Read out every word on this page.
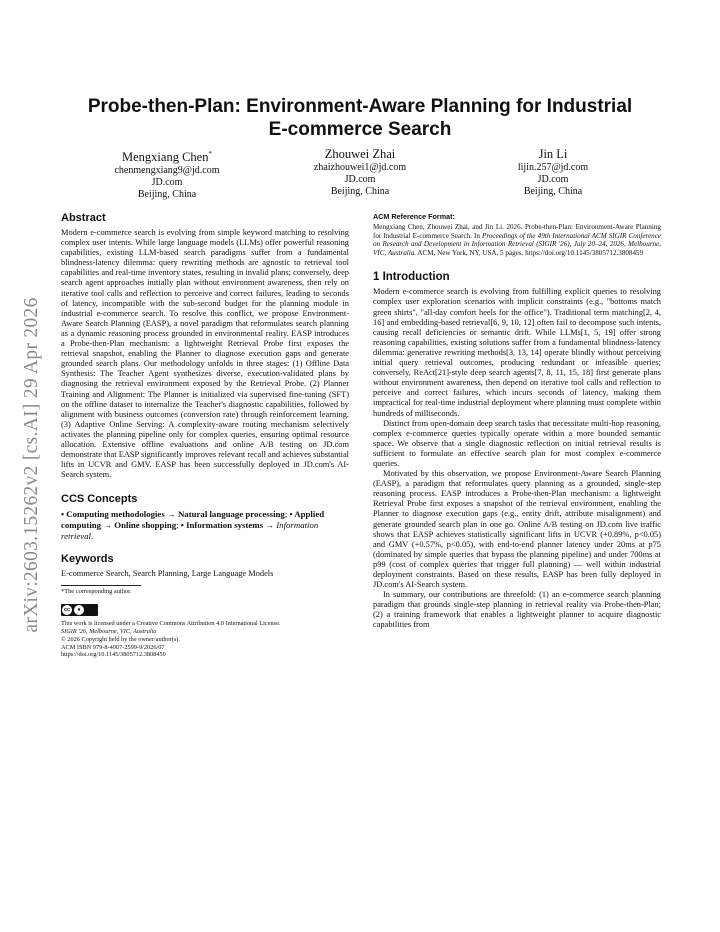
arXiv:2603.15262v2 [cs.AI] 29 Apr 2026
Probe-then-Plan: Environment-Aware Planning for Industrial
E-commerce Search
Mengxiang Chen*
chenmengxiang9@jd.com
JD.com
Beijing, China
Zhouwei Zhai
zhaizhouwei1@jd.com
JD.com
Beijing, China
Jin Li
lijin.257@jd.com
JD.com
Beijing, China
Abstract

Modern e-commerce search is evolving from simple keyword matching to resolving complex user intents. While large language models (LLMs) offer powerful reasoning capabilities, existing LLM-based search paradigms suffer from a fundamental blindness-latency dilemma: query rewriting methods are agnostic to retrieval tool capabilities and real-time inventory states, resulting in invalid plans; conversely, deep search agent approaches initially plan without environment awareness, then rely on iterative tool calls and reflection to perceive and correct failures, leading to seconds of latency, incompatible with the sub-second budget for the planning module in industrial e-commerce search. To resolve this conflict, we propose Environment-Aware Search Planning (EASP), a novel paradigm that reformulates search planning as a dynamic reasoning process grounded in environmental reality. EASP introduces a Probe-then-Plan mechanism: a lightweight Retrieval Probe first exposes the retrieval snapshot, enabling the Planner to diagnose execution gaps and generate grounded search plans. Our methodology unfolds in three stages: (1) Offline Data Synthesis: The Teacher Agent synthesizes diverse, execution-validated plans by diagnosing the retrieval environment exposed by the Retrieval Probe. (2) Planner Training and Alignment: The Planner is initialized via supervised fine-tuning (SFT) on the offline dataset to internalize the Teacher's diagnostic capabilities, followed by alignment with business outcomes (conversion rate) through reinforcement learning. (3) Adaptive Online Serving: A complexity-aware routing mechanism selectively activates the planning pipeline only for complex queries, ensuring optimal resource allocation. Extensive offline evaluations and online A/B testing on JD.com demonstrate that EASP significantly improves relevant recall and achieves substantial lifts in UCVR and GMV. EASP has been successfully deployed in JD.com's AI-Search system.

CCS Concepts

• Computing methodologies → Natural language processing; • Applied computing → Online shopping; • Information systems → Information retrieval.

Keywords

E-commerce Search, Search Planning, Large Language Models

*The corresponding author.

cc	●

This work is licensed under a Creative Commons Attribution 4.0 International License.

SIGIR '26, Melbourne, VIC, Australia

© 2026 Copyright held by the owner/author(s).

ACM ISBN 979-8-4007-2599-9/2026/07

https://doi.org/10.1145/3805712.3808459

ACM Reference Format:

Mengxiang Chen, Zhouwei Zhai, and Jin Li. 2026. Probe-then-Plan: Environment-Aware Planning for Industrial E-commerce Search. In Proceedings of the 49th International ACM SIGIR Conference on Research and Development in Information Retrieval (SIGIR '26), July 20–24, 2026, Melbourne, VIC, Australia. ACM, New York, NY, USA, 5 pages. https://doi.org/10.1145/3805712.3808459

1 Introduction

Modern e-commerce search is evolving from fulfilling explicit queries to resolving complex user exploration scenarios with implicit constraints (e.g., "bottoms match green shirts", "all-day comfort heels for the office"). Traditional term matching[2, 4, 16] and embedding-based retrieval[6, 9, 10, 12] often fail to decompose such intents, causing recall deficiencies or semantic drift. While LLMs[1, 5, 19] offer strong reasoning capabilities, existing solutions suffer from a fundamental blindness-latency dilemma: generative rewriting methods[3, 13, 14] operate blindly without perceiving initial query retrieval outcomes, producing redundant or infeasible queries; conversely, ReAct[21]-style deep search agents[7, 8, 11, 15, 18] first generate plans without environment awareness, then depend on iterative tool calls and reflection to perceive and correct failures, which incurs seconds of latency, making them impractical for real-time industrial deployment where planning must complete within hundreds of milliseconds.

Distinct from open-domain deep search tasks that necessitate multi-hop reasoning, complex e-commerce queries typically operate within a more bounded semantic space. We observe that a single diagnostic reflection on initial retrieval results is sufficient to formulate an effective search plan for most complex e-commerce queries.

Motivated by this observation, we propose Environment-Aware Search Planning (EASP), a paradigm that reformulates query planning as a grounded, single-step reasoning process. EASP introduces a Probe-then-Plan mechanism: a lightweight Retrieval Probe first exposes a snapshot of the retrieval environment, enabling the Planner to diagnose execution gaps (e.g., entity drift, attribute misalignment) and generate grounded search plan in one go. Online A/B testing on JD.com live traffic shows that EASP achieves statistically significant lifts in UCVR (+0.89%, p<0.05) and GMV (+0.57%, p<0.05), with end-to-end planner latency under 20ms at p75 (dominated by simple queries that bypass the planning pipeline) and under 700ms at p99 (cost of complex queries that trigger full planning) — well within industrial deployment constraints. Based on these results, EASP has been fully deployed in JD.com's AI-Search system.

In summary, our contributions are threefold: (1) an e-commerce search planning paradigm that grounds single-step planning in retrieval reality via Probe-then-Plan; (2) a training framework that enables a lightweight planner to acquire diagnostic capabilities from
